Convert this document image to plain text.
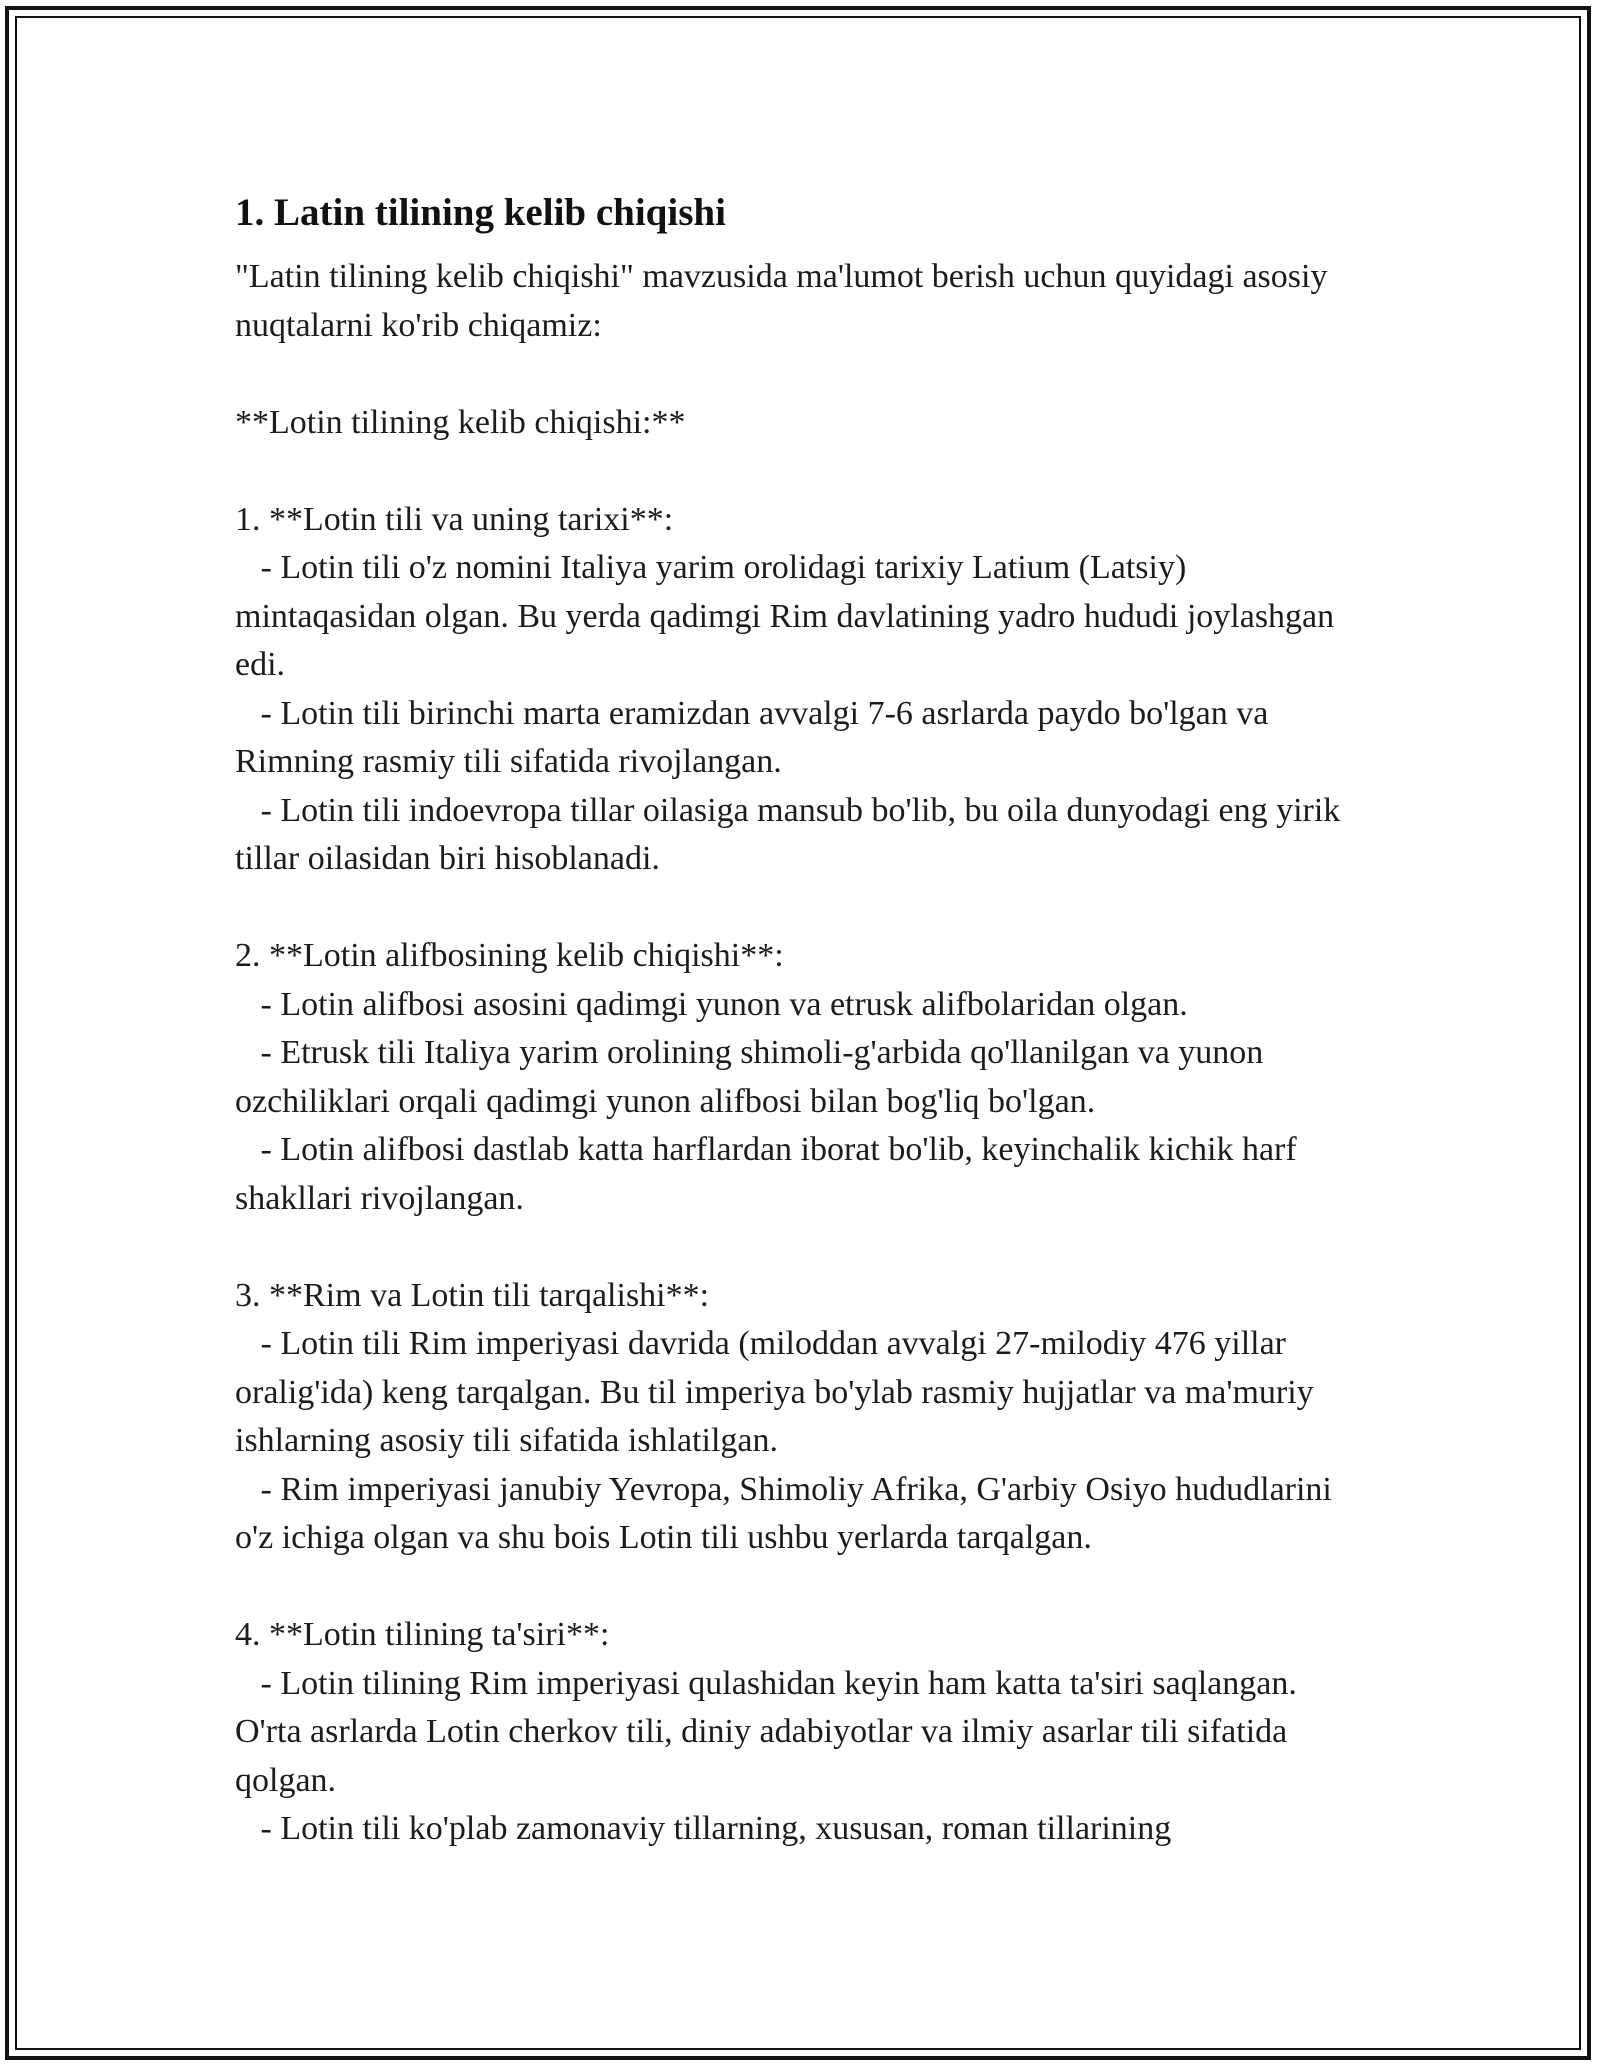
1. Latin tilining kelib chiqishi

"Latin tilining kelib chiqishi" mavzusida ma'lumot berish uchun quyidagi asosiy nuqtalarni ko'rib chiqamiz:

**Lotin tilining kelib chiqishi:**

1. **Lotin tili va uning tarixi**:

- Lotin tili o'z nomini Italiya yarim orolidagi tarixiy Latium (Latsiy) mintaqasidan olgan. Bu yerda qadimgi Rim davlatining yadro hududi joylashgan edi.

- Lotin tili birinchi marta eramizdan avvalgi 7-6 asrlarda paydo bo'lgan va Rimning rasmiy tili sifatida rivojlangan.

- Lotin tili indoevropa tillar oilasiga mansub bo'lib, bu oila dunyodagi eng yirik tillar oilasidan biri hisoblanadi.

2. **Lotin alifbosining kelib chiqishi**:

- Lotin alifbosi asosini qadimgi yunon va etrusk alifbolaridan olgan.

- Etrusk tili Italiya yarim orolining shimoli-g'arbida qo'llanilgan va yunon ozchiliklari orqali qadimgi yunon alifbosi bilan bog'liq bo'lgan.

- Lotin alifbosi dastlab katta harflardan iborat bo'lib, keyinchalik kichik harf shakllari rivojlangan.

3. **Rim va Lotin tili tarqalishi**:

- Lotin tili Rim imperiyasi davrida (miloddan avvalgi 27-milodiy 476 yillar oralig'ida) keng tarqalgan. Bu til imperiya bo'ylab rasmiy hujjatlar va ma'muriy ishlarning asosiy tili sifatida ishlatilgan.

- Rim imperiyasi janubiy Yevropa, Shimoliy Afrika, G'arbiy Osiyo hududlarini o'z ichiga olgan va shu bois Lotin tili ushbu yerlarda tarqalgan.

4. **Lotin tilining ta'siri**:

- Lotin tilining Rim imperiyasi qulashidan keyin ham katta ta'siri saqlangan. O'rta asrlarda Lotin cherkov tili, diniy adabiyotlar va ilmiy asarlar tili sifatida qolgan.

- Lotin tili ko'plab zamonaviy tillarning, xususan, roman tillarining
